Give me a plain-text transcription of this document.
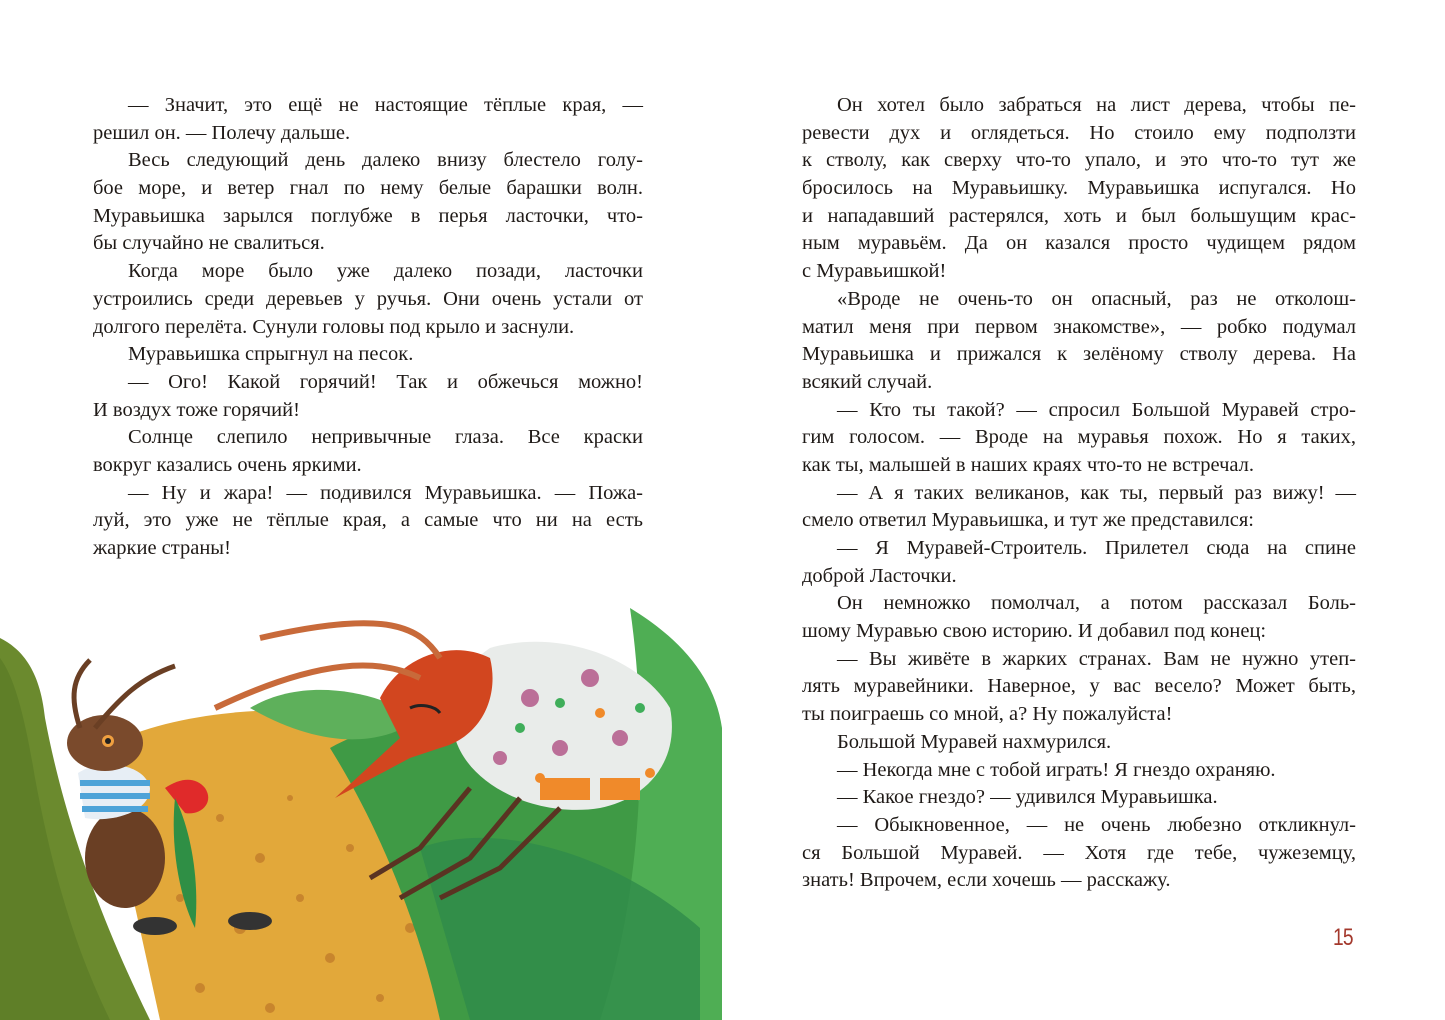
— Значит, это ещё не настоящие тёплые края, —
решил он. — Полечу дальше.
Весь следующий день далеко внизу блестело голу-
бое море, и ветер гнал по нему белые барашки волн.
Муравьишка зарылся поглубже в перья ласточки, что-
бы случайно не свалиться.
Когда море было уже далеко позади, ласточки
устроились среди деревьев у ручья. Они очень устали от
долгого перелёта. Сунули головы под крыло и заснули.
Муравьишка спрыгнул на песок.
— Ого! Какой горячий! Так и обжечься можно!
И воздух тоже горячий!
Солнце слепило непривычные глаза. Все краски
вокруг казались очень яркими.
— Ну и жара! — подивился Муравьишка. — Пожа-
луй, это уже не тёплые края, а самые что ни на есть
жаркие страны!
Он хотел было забраться на лист дерева, чтобы пе-
ревести дух и оглядеться. Но стоило ему подползти
к стволу, как сверху что-то упало, и это что-то тут же
бросилось на Муравьишку. Муравьишка испугался. Но
и нападавший растерялся, хоть и был большущим крас-
ным муравьём. Да он казался просто чудищем рядом
с Муравьишкой!
«Вроде не очень-то он опасный, раз не отколош-
матил меня при первом знакомстве», — робко подумал
Муравьишка и прижался к зелёному стволу дерева. На
всякий случай.
— Кто ты такой? — спросил Большой Муравей стро-
гим голосом. — Вроде на муравья похож. Но я таких,
как ты, малышей в наших краях что-то не встречал.
— А я таких великанов, как ты, первый раз вижу! —
смело ответил Муравьишка, и тут же представился:
— Я Муравей-Строитель. Прилетел сюда на спине
доброй Ласточки.
Он немножко помолчал, а потом рассказал Боль-
шому Муравью свою историю. И добавил под конец:
— Вы живёте в жарких странах. Вам не нужно утеп-
лять муравейники. Наверное, у вас весело? Может быть,
ты поиграешь со мной, а? Ну пожалуйста!
Большой Муравей нахмурился.
— Некогда мне с тобой играть! Я гнездо охраняю.
— Какое гнездо? — удивился Муравьишка.
— Обыкновенное, — не очень любезно откликнул-
ся Большой Муравей. — Хотя где тебе, чужеземцу,
знать! Впрочем, если хочешь — расскажу.
15
